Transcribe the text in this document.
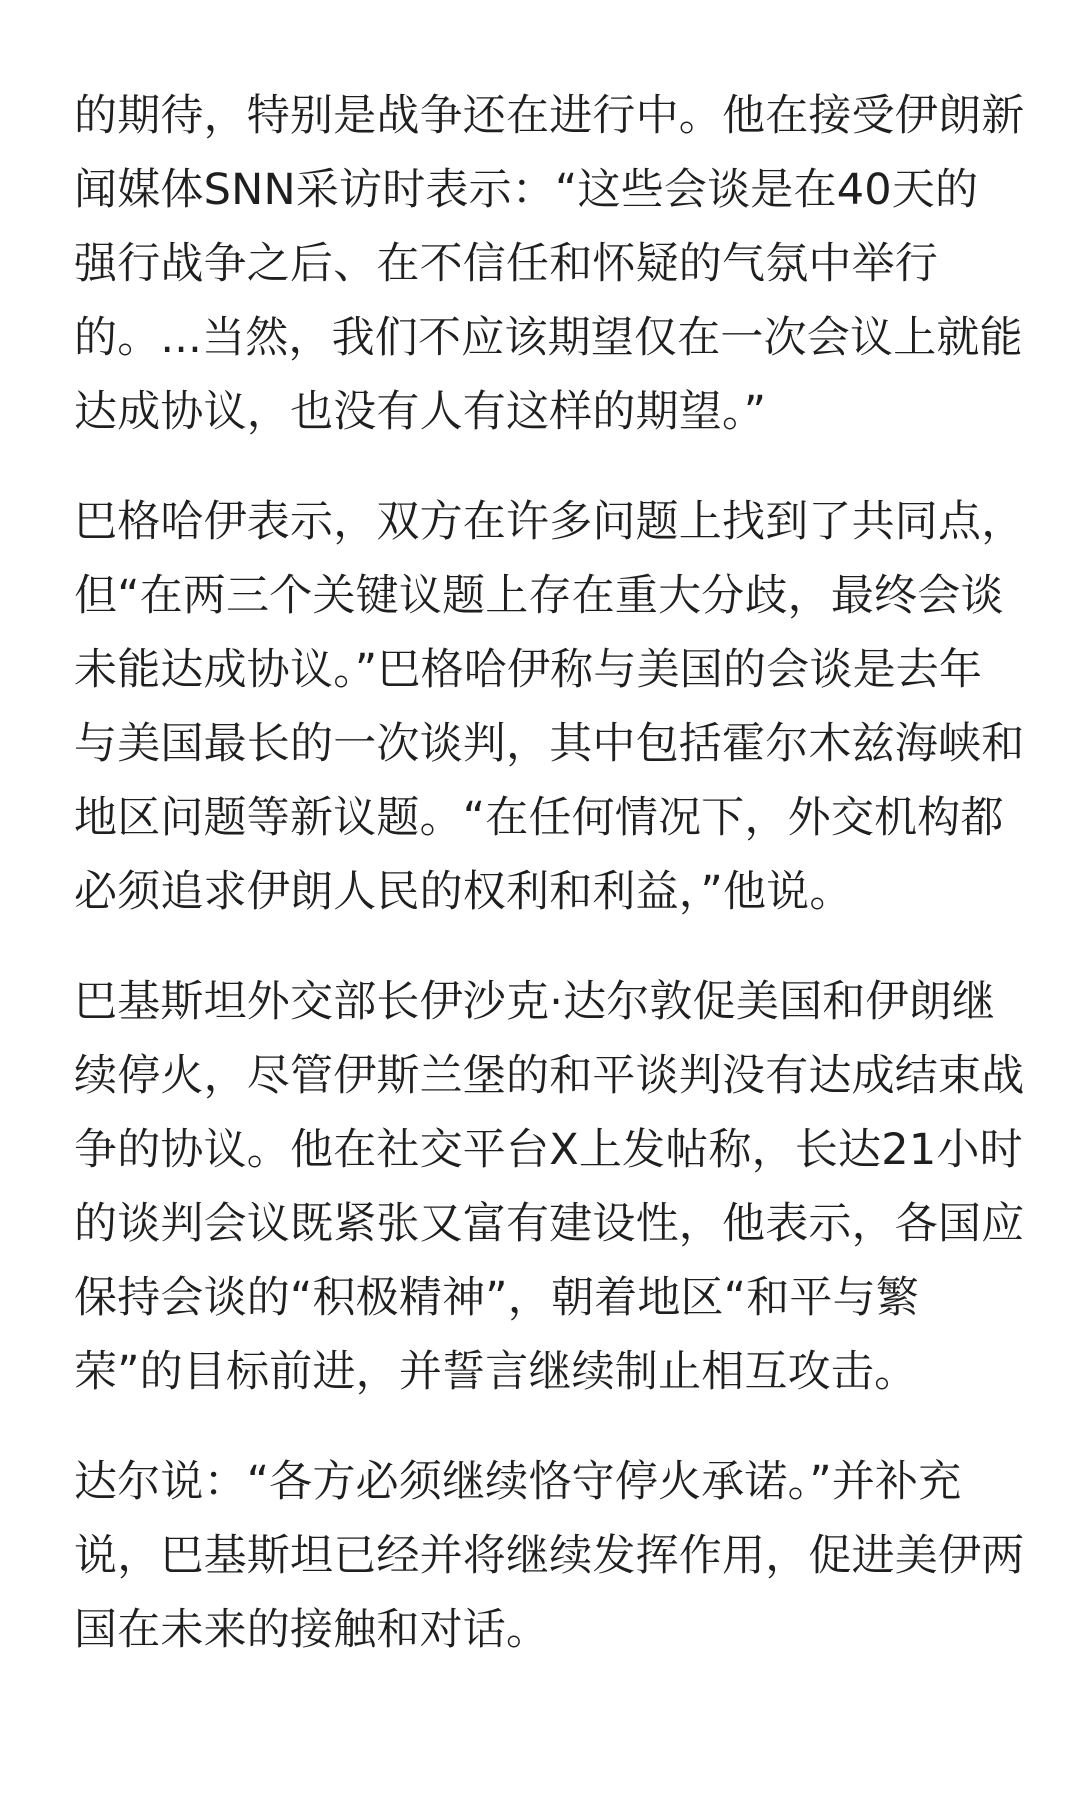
的期待，特别是战争还在进行中。他在接受伊朗新
闻媒体SNN采访时表示：“这些会谈是在40天的
强行战争之后、在不信任和怀疑的气氛中举行
的。...当然，我们不应该期望仅在一次会议上就能
达成协议，也没有人有这样的期望。”

巴格哈伊表示，双方在许多问题上找到了共同点，
但“在两三个关键议题上存在重大分歧，最终会谈
未能达成协议。”巴格哈伊称与美国的会谈是去年
与美国最长的一次谈判，其中包括霍尔木兹海峡和
地区问题等新议题。“在任何情况下，外交机构都
必须追求伊朗人民的权利和利益，”他说。

巴基斯坦外交部长伊沙克·达尔敦促美国和伊朗继
续停火，尽管伊斯兰堡的和平谈判没有达成结束战
争的协议。他在社交平台X上发帖称，长达21小时
的谈判会议既紧张又富有建设性，他表示，各国应
保持会谈的“积极精神”，朝着地区“和平与繁
荣”的目标前进，并誓言继续制止相互攻击。

达尔说：“各方必须继续恪守停火承诺。”并补充
说，巴基斯坦已经并将继续发挥作用，促进美伊两
国在未来的接触和对话。
